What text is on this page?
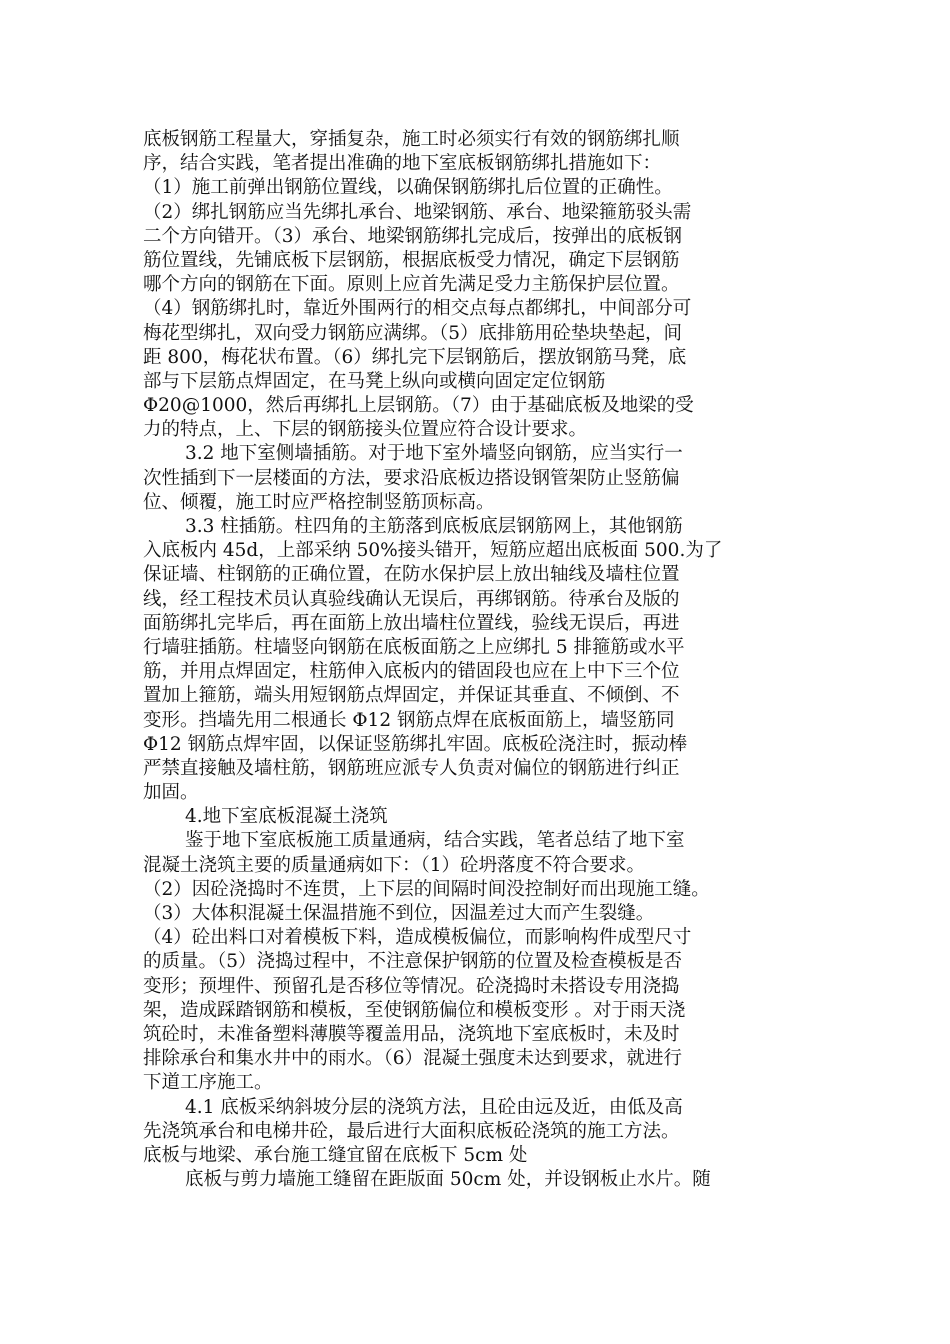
底板钢筋工程量大，穿插复杂，施工时必须实行有效的钢筋绑扎顺
序，结合实践，笔者提出准确的地下室底板钢筋绑扎措施如下：
（1）施工前弹出钢筋位置线，以确保钢筋绑扎后位置的正确性。
（2）绑扎钢筋应当先绑扎承台、地梁钢筋、承台、地梁箍筋驳头需
二个方向错开。（3）承台、地梁钢筋绑扎完成后，按弹出的底板钢
筋位置线，先铺底板下层钢筋，根据底板受力情况，确定下层钢筋
哪个方向的钢筋在下面。原则上应首先满足受力主筋保护层位置。
（4）钢筋绑扎时，靠近外围两行的相交点每点都绑扎，中间部分可
梅花型绑扎，双向受力钢筋应满绑。（5）底排筋用砼垫块垫起，间
距 800，梅花状布置。（6）绑扎完下层钢筋后，摆放钢筋马凳，底
部与下层筋点焊固定，在马凳上纵向或横向固定定位钢筋
Φ20@1000，然后再绑扎上层钢筋。（7）由于基础底板及地梁的受
力的特点，上、下层的钢筋接头位置应符合设计要求。
3.2 地下室侧墙插筋。对于地下室外墙竖向钢筋，应当实行一
次性插到下一层楼面的方法，要求沿底板边搭设钢管架防止竖筋偏
位、倾覆，施工时应严格控制竖筋顶标高。
3.3 柱插筋。柱四角的主筋落到底板底层钢筋网上，其他钢筋
入底板内 45d，上部采纳 50%接头错开，短筋应超出底板面 500.为了
保证墙、柱钢筋的正确位置，在防水保护层上放出轴线及墙柱位置
线，经工程技术员认真验线确认无误后，再绑钢筋。待承台及版的
面筋绑扎完毕后，再在面筋上放出墙柱位置线，验线无误后，再进
行墙驻插筋。柱墙竖向钢筋在底板面筋之上应绑扎 5 排箍筋或水平
筋，并用点焊固定，柱筋伸入底板内的错固段也应在上中下三个位
置加上箍筋，端头用短钢筋点焊固定，并保证其垂直、不倾倒、不
变形。挡墙先用二根通长 Φ12 钢筋点焊在底板面筋上，墙竖筋同
Φ12 钢筋点焊牢固，以保证竖筋绑扎牢固。底板砼浇注时，振动棒
严禁直接触及墙柱筋，钢筋班应派专人负责对偏位的钢筋进行纠正
加固。
4.地下室底板混凝土浇筑
鉴于地下室底板施工质量通病，结合实践，笔者总结了地下室
混凝土浇筑主要的质量通病如下：（1）砼坍落度不符合要求。
（2）因砼浇捣时不连贯，上下层的间隔时间没控制好而出现施工缝。
（3）大体积混凝土保温措施不到位，因温差过大而产生裂缝。
（4）砼出料口对着模板下料，造成模板偏位，而影响构件成型尺寸
的质量。（5）浇捣过程中，不注意保护钢筋的位置及检查模板是否
变形；预埋件、预留孔是否移位等情况。砼浇捣时未搭设专用浇捣
架，造成踩踏钢筋和模板，至使钢筋偏位和模板变形 。对于雨天浇
筑砼时，未准备塑料薄膜等覆盖用品，浇筑地下室底板时，未及时
排除承台和集水井中的雨水。（6）混凝土强度未达到要求，就进行
下道工序施工。
4.1 底板采纳斜坡分层的浇筑方法，且砼由远及近，由低及高
先浇筑承台和电梯井砼，最后进行大面积底板砼浇筑的施工方法。
底板与地梁、承台施工缝宜留在底板下 5cm 处
底板与剪力墙施工缝留在距版面 50cm 处，并设钢板止水片。随
